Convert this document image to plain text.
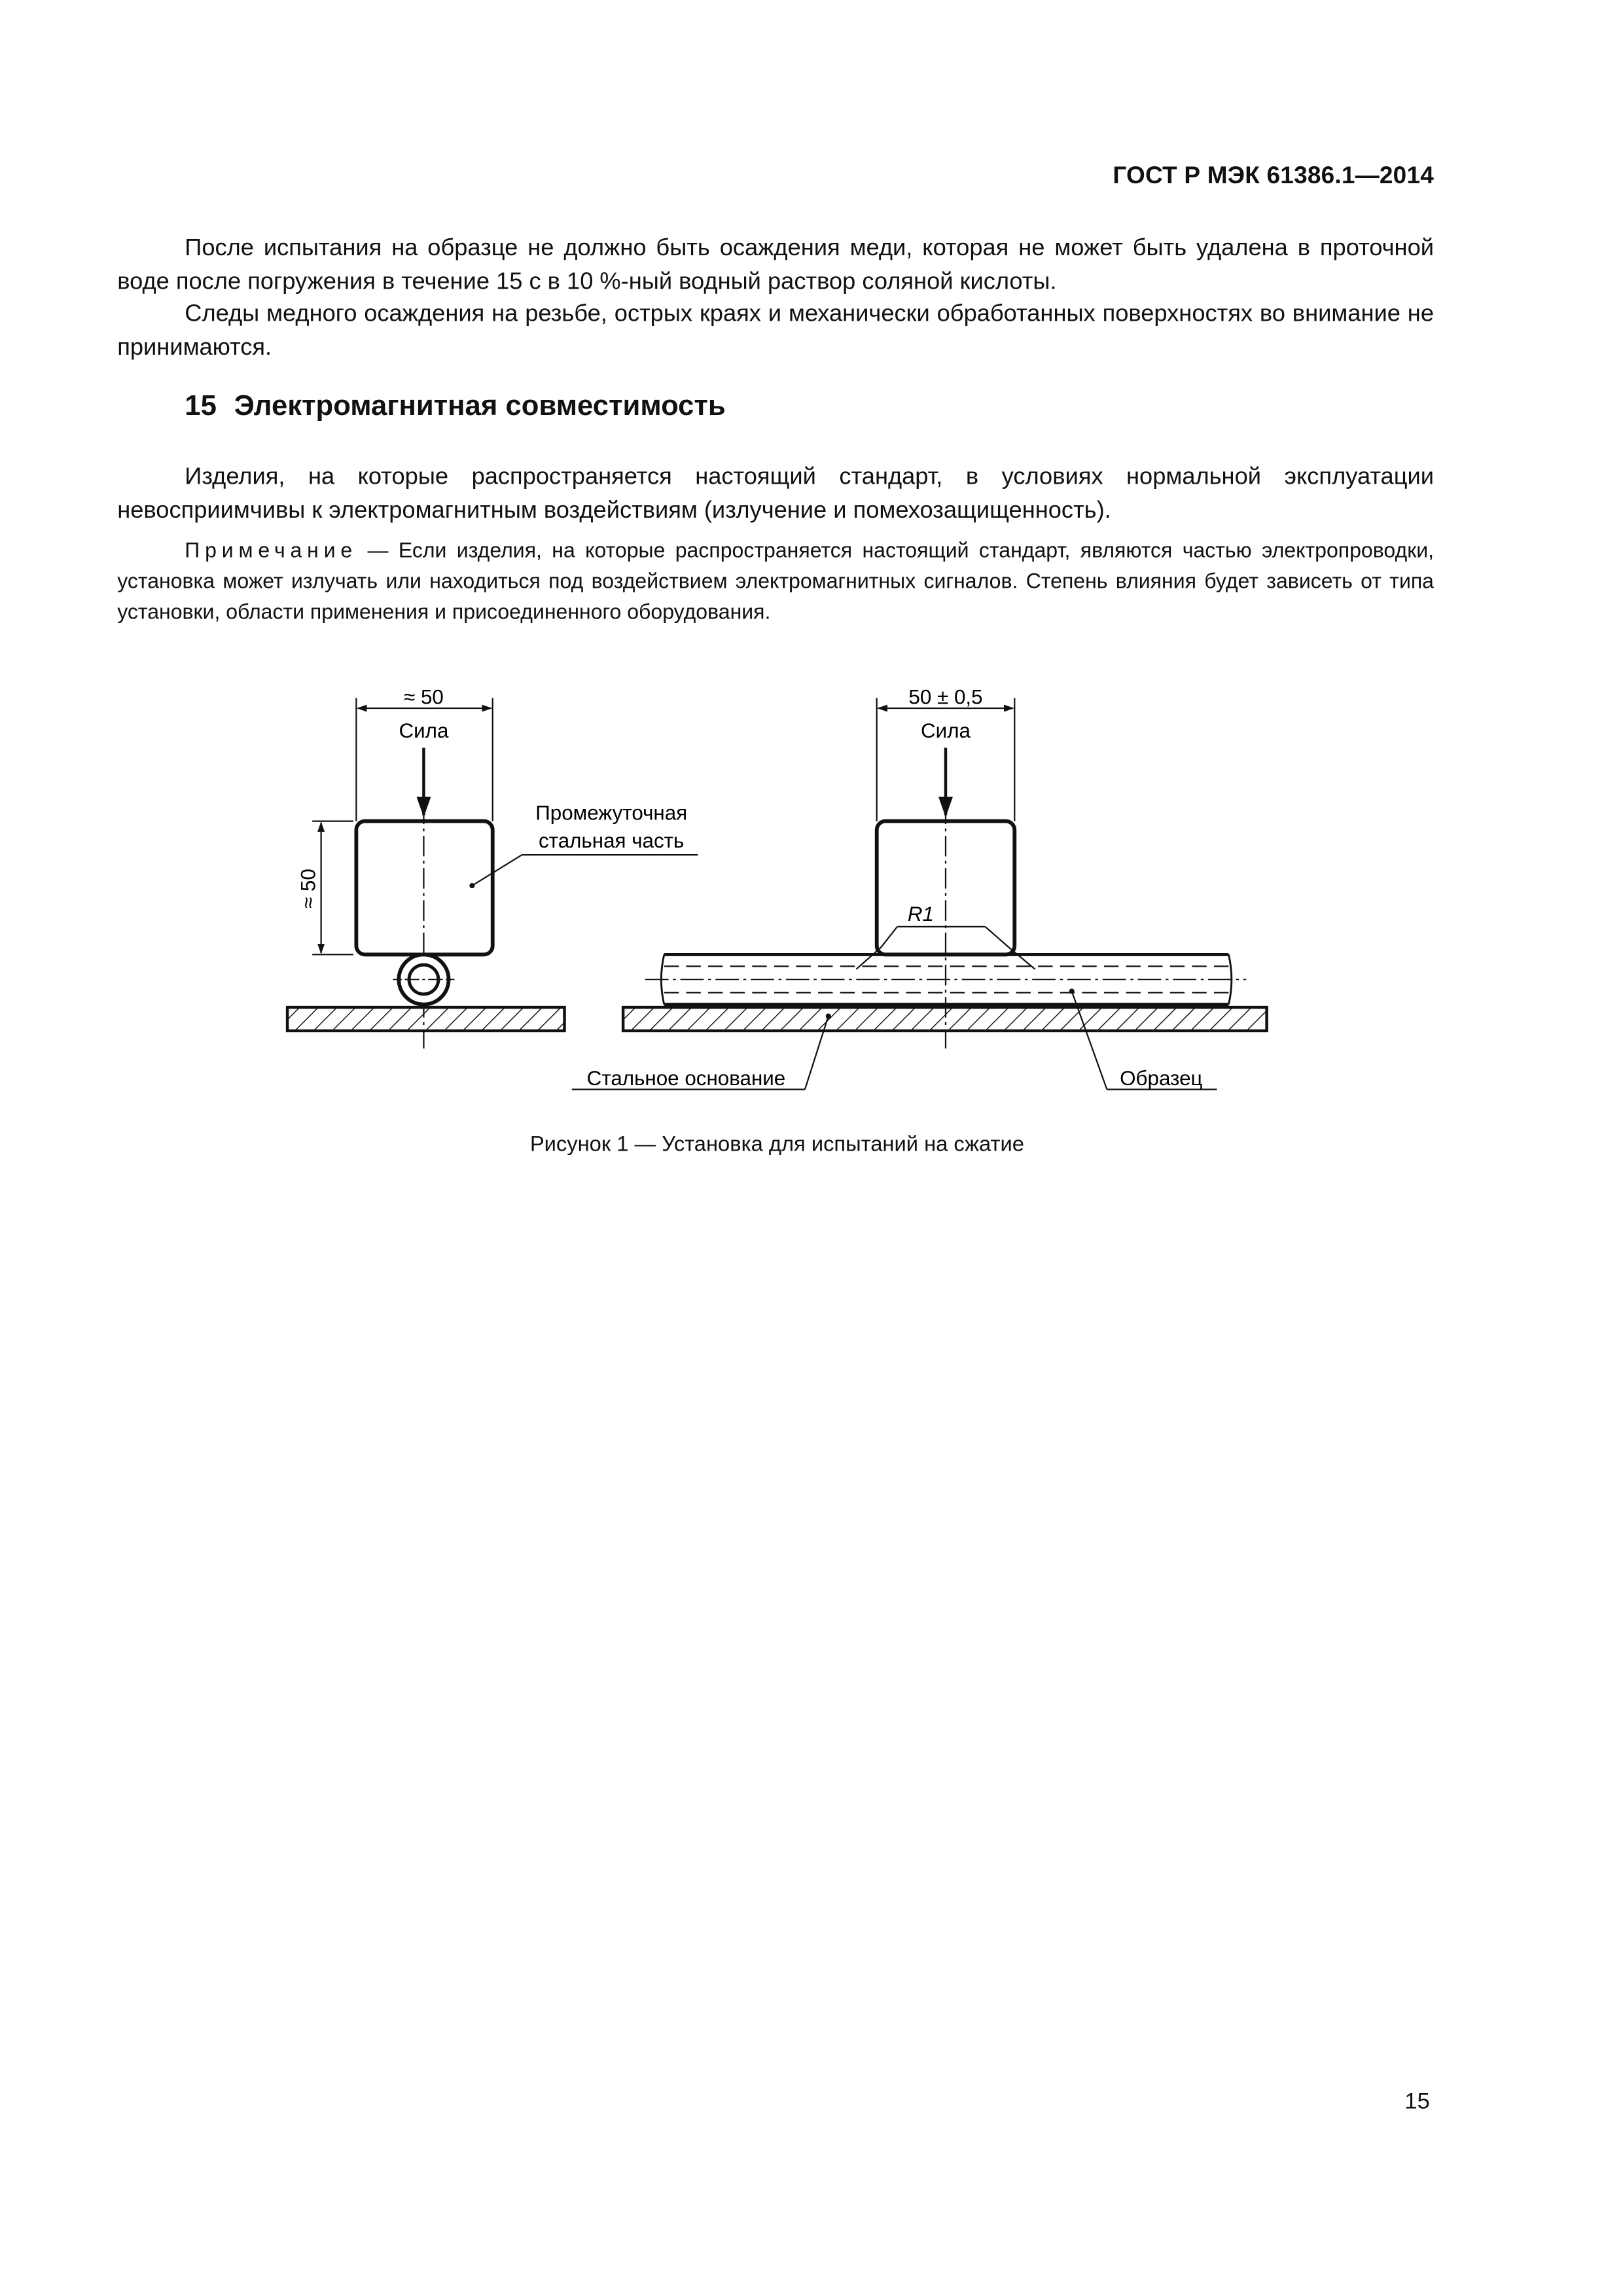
ГОСТ Р МЭК 61386.1—2014

После испытания на образце не должно быть осаждения меди, которая не может быть удалена в проточной воде после погружения в течение 15 с в 10 %-ный водный раствор соляной кислоты.

Следы медного осаждения на резьбе, острых краях и механически обработанных поверхностях во внимание не принимаются.

15 Электромагнитная совместимость

Изделия, на которые распространяется настоящий стандарт, в условиях нормальной эксплуатации невосприимчивы к электромагнитным воздействиям (излучение и помехозащищенность).

Примечание — Если изделия, на которые распространяется настоящий стандарт, являются частью электропроводки, установка может излучать или находиться под воздействием электромагнитных сигналов. Степень влияния будет зависеть от типа установки, области применения и присоединенного оборудования.
≈ 50
Сила
≈ 50
Промежуточная
стальная часть
50 ± 0,5
Сила
R1
Стальное основание	Образец
Рисунок 1 — Установка для испытаний на сжатие
15
